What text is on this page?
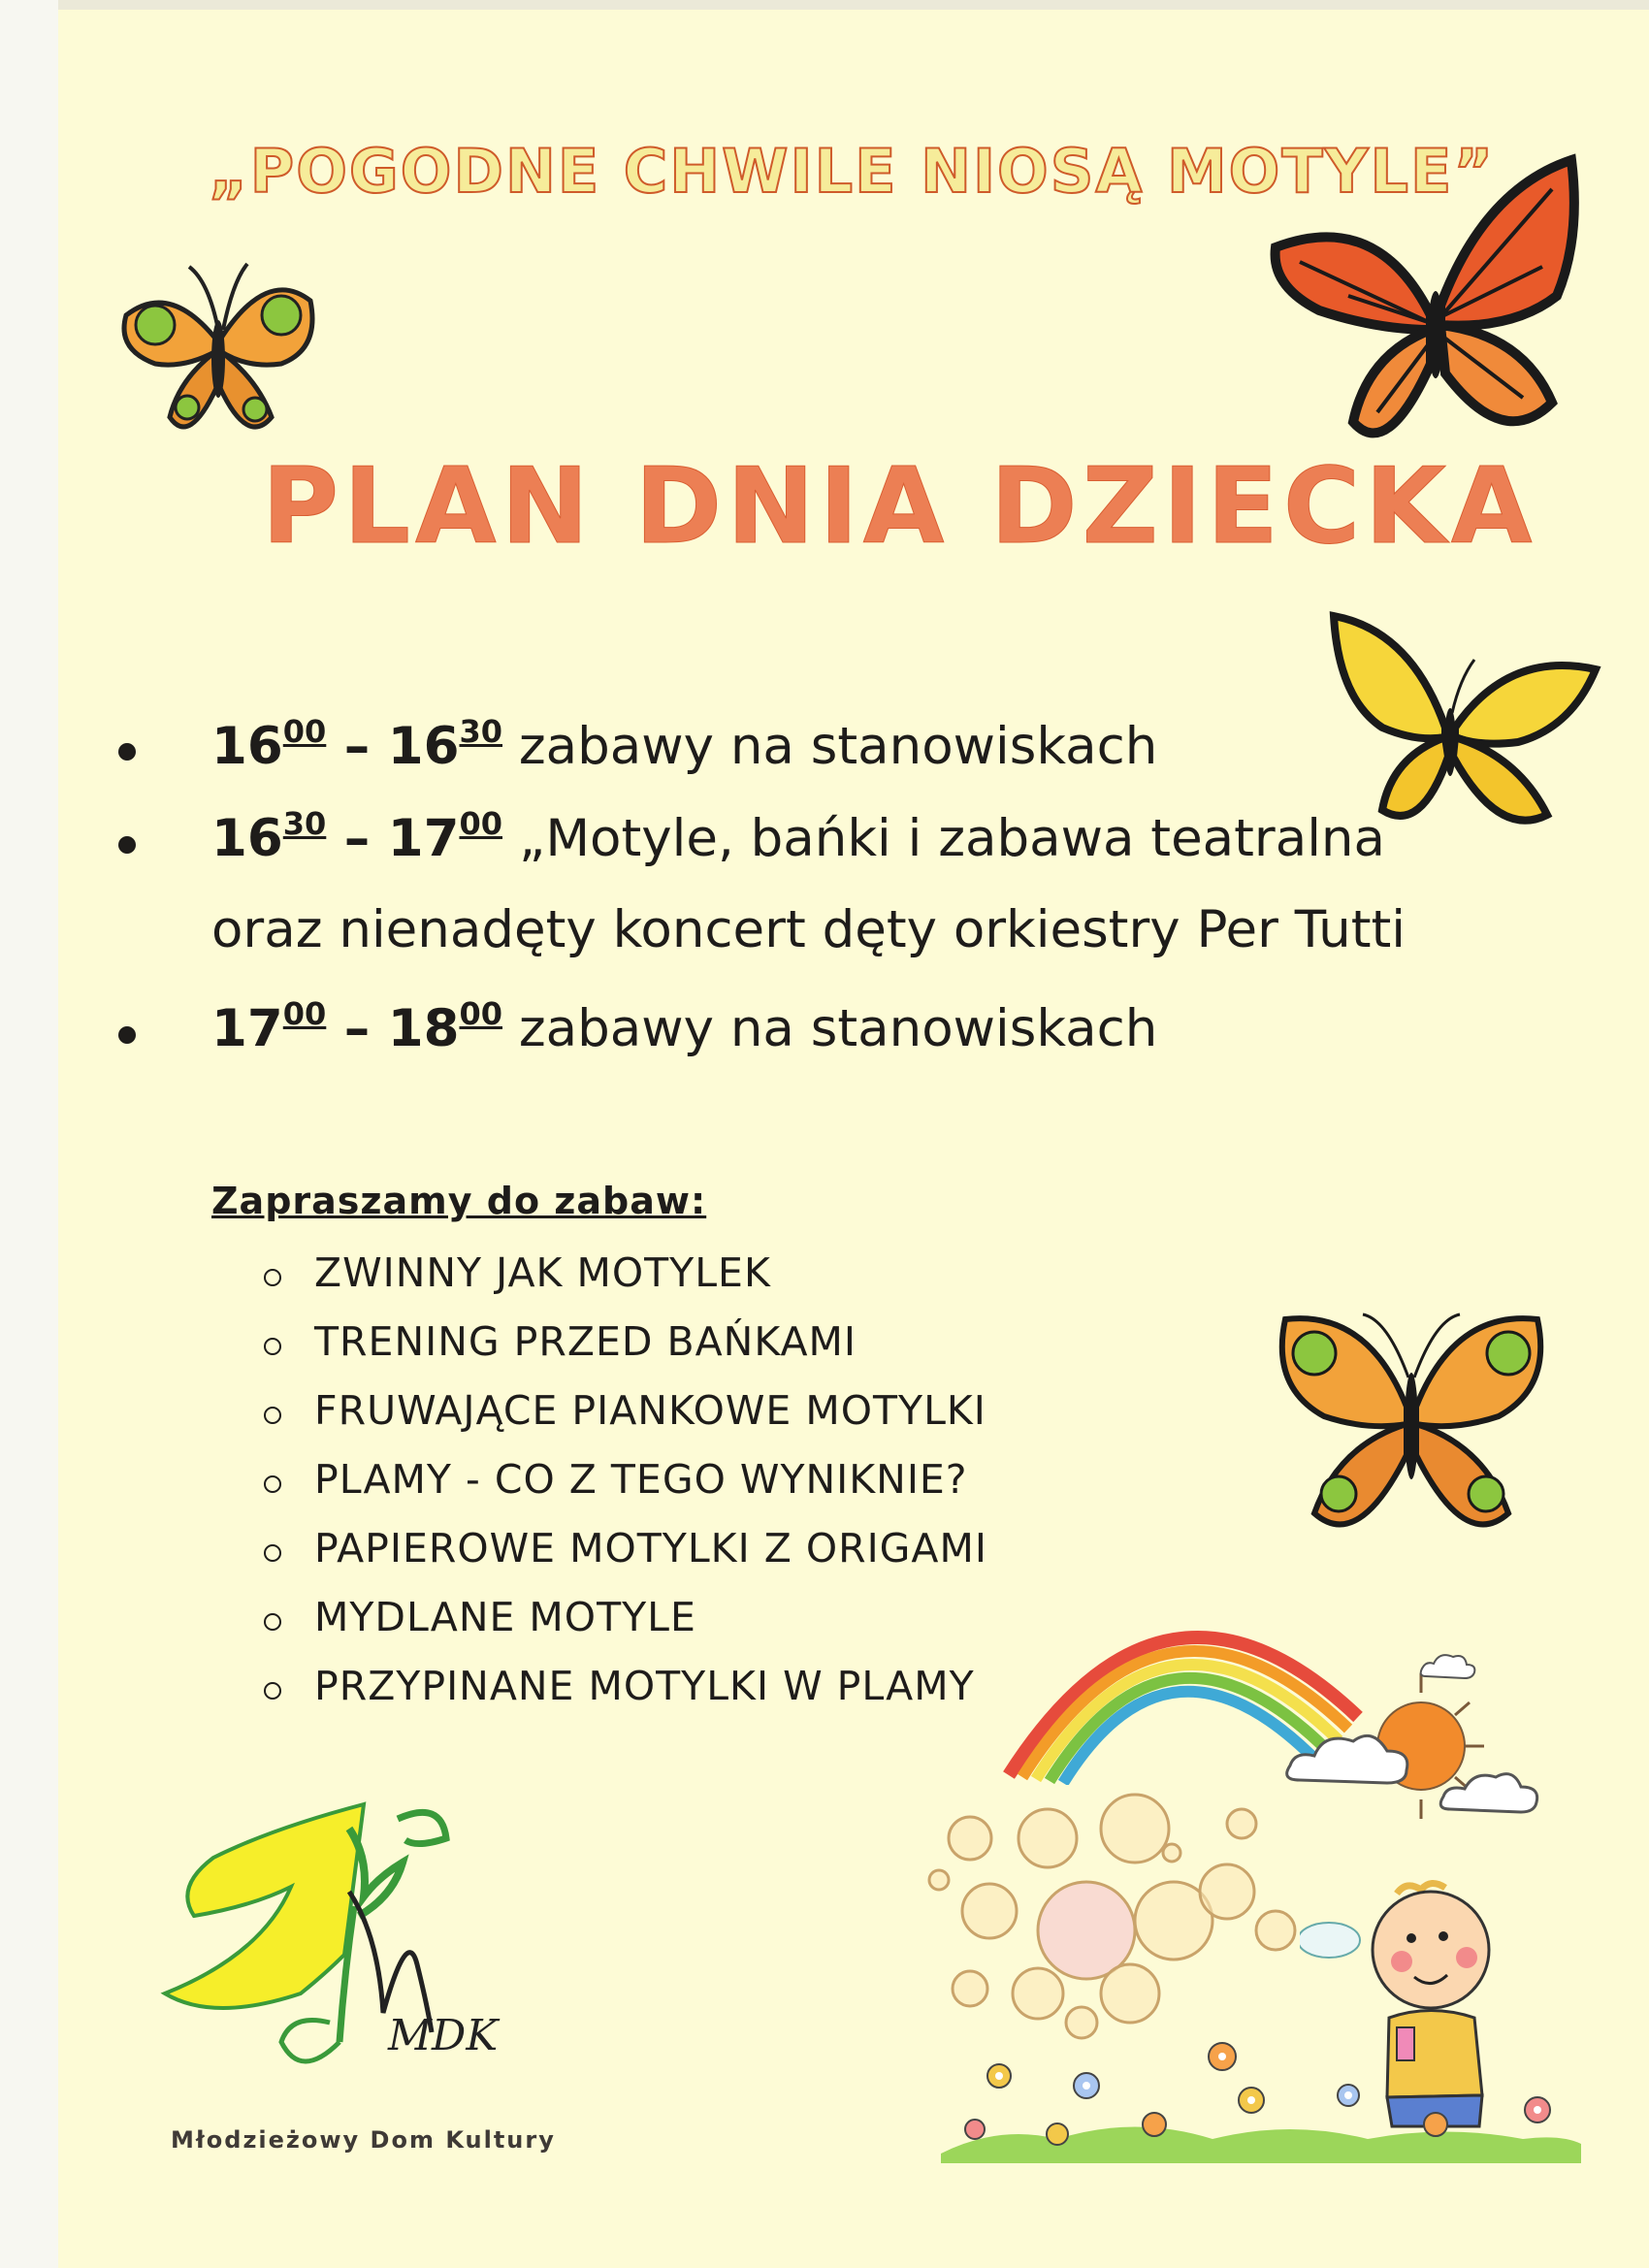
„POGODNE CHWILE NIOSĄ MOTYLE”
PLAN DNIA DZIECKA
$16^{00} - 16^{30}$ zabawy na stanowiskach
$16^{30} - 17^{00}$ „Motyle, bańki i zabawa teatralna
oraz nienadęty koncert dęty orkiestry Per Tutti
$17^{00} - 18^{00}$ zabawy na stanowiskach
Zapraszamy do zabaw:
ZWINNY JAK MOTYLEK
TRENING PRZED BAŃKAMI
FRUWAJĄCE PIANKOWE MOTYLKI
PLAMY - CO Z TEGO WYNIKNIE?
PAPIEROWE MOTYLKI Z ORIGAMI
MYDLANE MOTYLE
PRZYPINANE MOTYLKI W PLAMY
MDK
Młodzieżowy Dom Kultury
